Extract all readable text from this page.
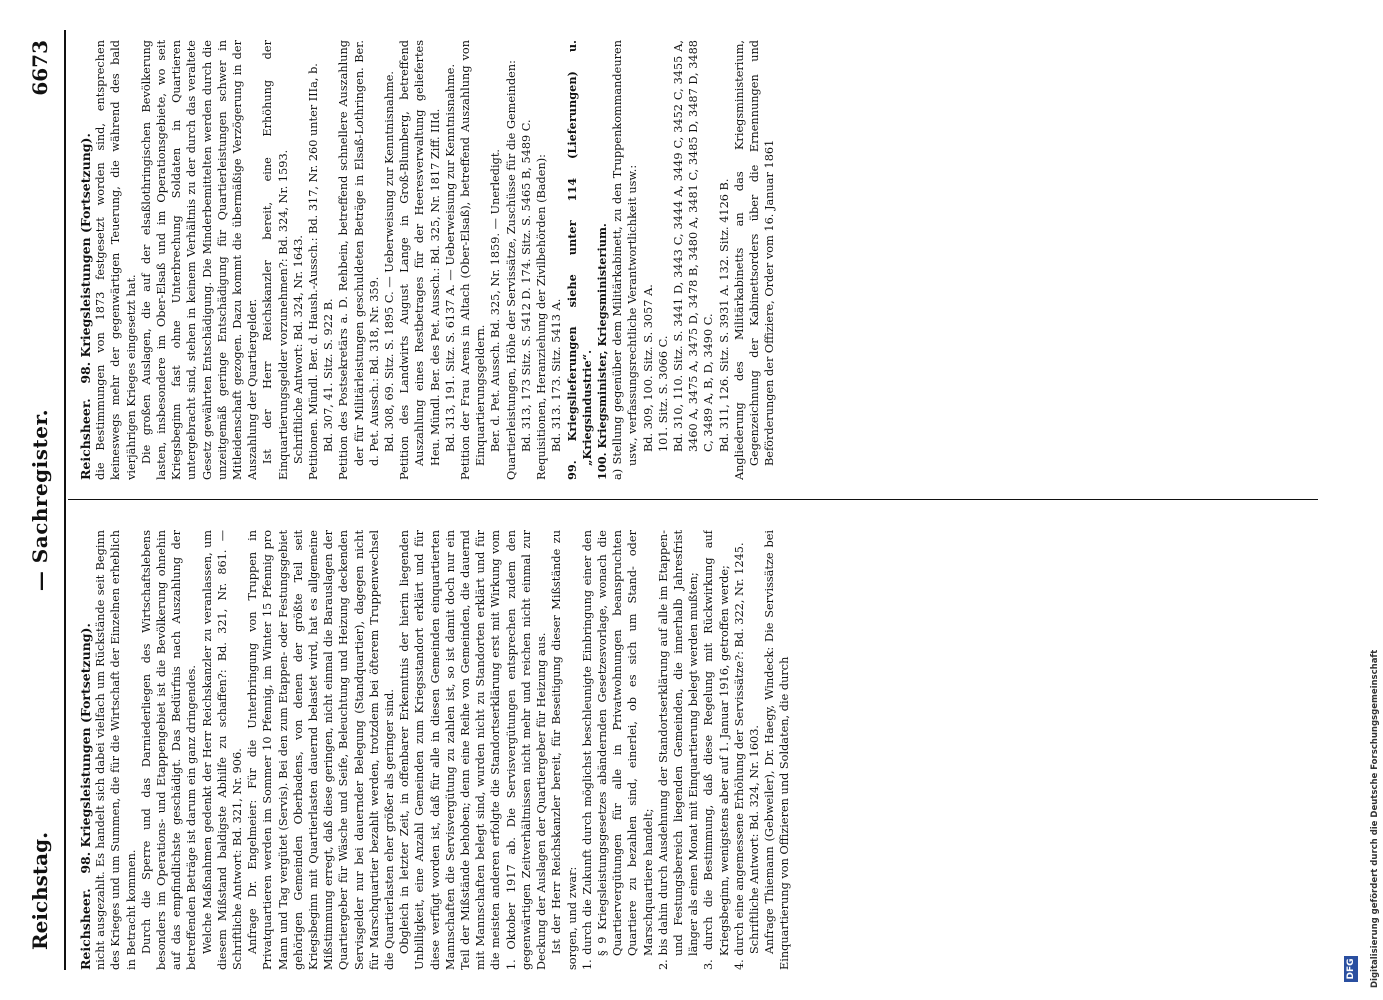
Reichstag.
— Sachregister.
6673

Reichsheer. 98. Kriegsleistungen (Fortsetzung). nicht ausgezahlt. Es handelt sich dabei vielfach um Rückstände seit Beginn des Krieges und um Summen, die für die Wirtschaft der Einzelnen erheblich in Betracht kommen. Durch die Sperre und das Darniederliegen des Wirtschaftslebens besonders im Operations- und Etappengebiet ist die Bevölkerung ohnehin auf das empfindlichste geschädigt. Das Bedürfnis nach Auszahlung der betreffenden Beträge ist darum ein ganz dringendes. Welche Maßnahmen gedenkt der Herr Reichskanzler zu veranlassen, um diesem Mißstand baldigste Abhilfe zu schaffen?: Bd. 321, Nr. 861. — Schriftliche Antwort: Bd. 321, Nr. 906. Anfrage Dr. Engelmeier: Für die Unterbringung von Truppen in Privatquartieren werden im Sommer 10 Pfennig, im Winter 15 Pfennig pro Mann und Tag vergütet (Servis). Bei den zum Etappen- oder Festungsgebiet gehörigen Gemeinden Oberbadens, von denen der größte Teil seit Kriegsbeginn mit Quartierlasten dauernd belastet wird, hat es allgemeine Mißstimmung erregt, daß diese geringen, nicht einmal die Barauslagen der Quartiergeber für Wäsche und Seife, Beleuchtung und Heizung deckenden Servisgelder nur bei dauernder Belegung (Standquartier), dagegen nicht für Marschquartier bezahlt werden, trotzdem bei öfterem Truppenwechsel die Quartierlasten eher größer als geringer sind. Obgleich in letzter Zeit, in offenbarer Erkenntnis der hierin liegenden Unbilligkeit, eine Anzahl Gemeinden zum Kriegsstandort erklärt und für diese verfügt worden ist, daß für alle in diesen Gemeinden einquartierten Mannschaften die Servisvergütung zu zahlen ist, so ist damit doch nur ein Teil der Mißstände behoben; denn eine Reihe von Gemeinden, die dauernd mit Mannschaften belegt sind, wurden nicht zu Standorten erklärt und für die meisten anderen erfolgte die Standortserklärung erst mit Wirkung vom 1. Oktober 1917 ab. Die Servisvergütungen entsprechen zudem den gegenwärtigen Zeitverhältnissen nicht mehr und reichen nicht einmal zur Deckung der Auslagen der Quartiergeber für Heizung aus. Ist der Herr Reichskanzler bereit, für Beseitigung dieser Mißstände zu sorgen, und zwar: 1. durch die Zukunft durch möglichst beschleunigte Einbringung einer den § 9 Kriegsleistungsgesetzes abändernden Gesetzesvorlage, wonach die Quartiervergütungen für alle in Privatwohnungen beanspruchten Quartiere zu bezahlen sind, einerlei, ob es sich um Stand- oder Marschquartiere handelt; 2. bis dahin durch Ausdehnung der Standortserklärung auf alle im Etappen- und Festungsbereich liegenden Gemeinden, die innerhalb Jahresfrist länger als einen Monat mit Einquartierung belegt werden mußten; 3. durch die Bestimmung, daß diese Regelung mit Rückwirkung auf Kriegsbeginn, wenigstens aber auf 1. Januar 1916, getroffen werde; 4. durch eine angemessene Erhöhung der Servissätze?: Bd. 322, Nr. 1245. Schriftliche Antwort: Bd. 324, Nr. 1603. Anfrage Thiemann (Gebweiler), Dr. Haegy, Windeck: Die Servissätze bei Einquartierung von Offizieren und Soldaten, die durch

Reichsheer. 98. Kriegsleistungen (Fortsetzung). die Bestimmungen von 1873 festgesetzt worden sind, entsprechen keineswegs mehr der gegenwärtigen Teuerung, die während des bald vierjährigen Krieges eingesetzt hat. Die großen Auslagen, die auf der elsaßlothringischen Bevölkerung lasten, insbesondere im Ober-Elsaß und im Operationsgebiete, wo seit Kriegsbeginn fast ohne Unterbrechung Soldaten in Quartieren untergebracht sind, stehen in keinem Verhältnis zu der durch das veraltete Gesetz gewährten Entschädigung. Die Minderbemittelten werden durch die unzeitgemäß geringe Entschädigung für Quartierleistungen schwer in Mitleidenschaft gezogen. Dazu kommt die übermäßige Verzögerung in der Auszahlung der Quartiergelder. Ist der Herr Reichskanzler bereit, eine Erhöhung der Einquartierungsgelder vorzunehmen?: Bd. 324, Nr. 1593. Schriftliche Antwort: Bd. 324, Nr. 1643. Petitionen. Mündl. Ber. d. Haush.-Aussch.: Bd. 317, Nr. 260 unter IIIa, b. Bd. 307, 41. Sitz. S. 922 B. Petition des Postsekretärs a. D. Rehbein, betreffend schnellere Auszahlung der für Militärleistungen geschuldeten Beträge in Elsaß-Lothringen. Ber. d. Pet. Aussch.: Bd. 318, Nr. 359. Bd. 308, 69. Sitz. S. 1895 C. — Ueberweisung zur Kenntnisnahme. Petition des Landwirts August Lange in Groß-Blumberg, betreffend Auszahlung eines Restbetrages für der Heeresverwaltung geliefertes Heu. Mündl. Ber. des Pet. Aussch.: Bd. 325, Nr. 1817 Ziff. IIId. Bd. 313, 191. Sitz. S. 6137 A. — Ueberweisung zur Kenntnisnahme. Petition der Frau Arens in Altach (Ober-Elsaß), betreffend Auszahlung von Einquartierungsgeldern. Ber. d. Pet. Aussch. Bd. 325, Nr. 1859. — Unerledigt. Quartierleistungen, Höhe der Servissätze, Zuschüsse für die Gemeinden: Bd. 313, 173 Sitz. S. 5412 D. 174. Sitz. S. 5465 B, 5489 C. Requisitionen, Heranziehung der Zivilbehörden (Baden): Bd. 313. 173. Sitz. 5413 A. 99. Kriegslieferungen siehe unter 114 (Lieferungen) u. „Kriegsindustrie“. 100. Kriegsminister, Kriegsministerium. a) Stellung gegenüber dem Militärkabinett, zu den Truppenkommandeuren usw., verfassungsrechtliche Verantwortlichkeit usw.: Bd. 309, 100. Sitz. S. 3057 A. 101. Sitz. S. 3066 C. Bd. 310, 110. Sitz. S. 3441 D, 3443 C, 3444 A, 3449 C, 3452 C, 3455 A, 3460 A, 3475 A, 3475 D, 3478 B, 3480 A, 3481 C, 3485 D, 3487 D, 3488 C, 3489 A, B, D, 3490 C. Bd. 311, 126. Sitz. S. 3931 A. 132. Sitz. 4126 B. Angliederung des Militärkabinetts an das Kriegsministerium, Gegenzeichnung der Kabinettsorders über die Ernennungen und Beförderungen der Offiziere, Order vom 16. Januar 1861

DFG Digitalisierung gefördert durch die Deutsche Forschungsgemeinschaft
